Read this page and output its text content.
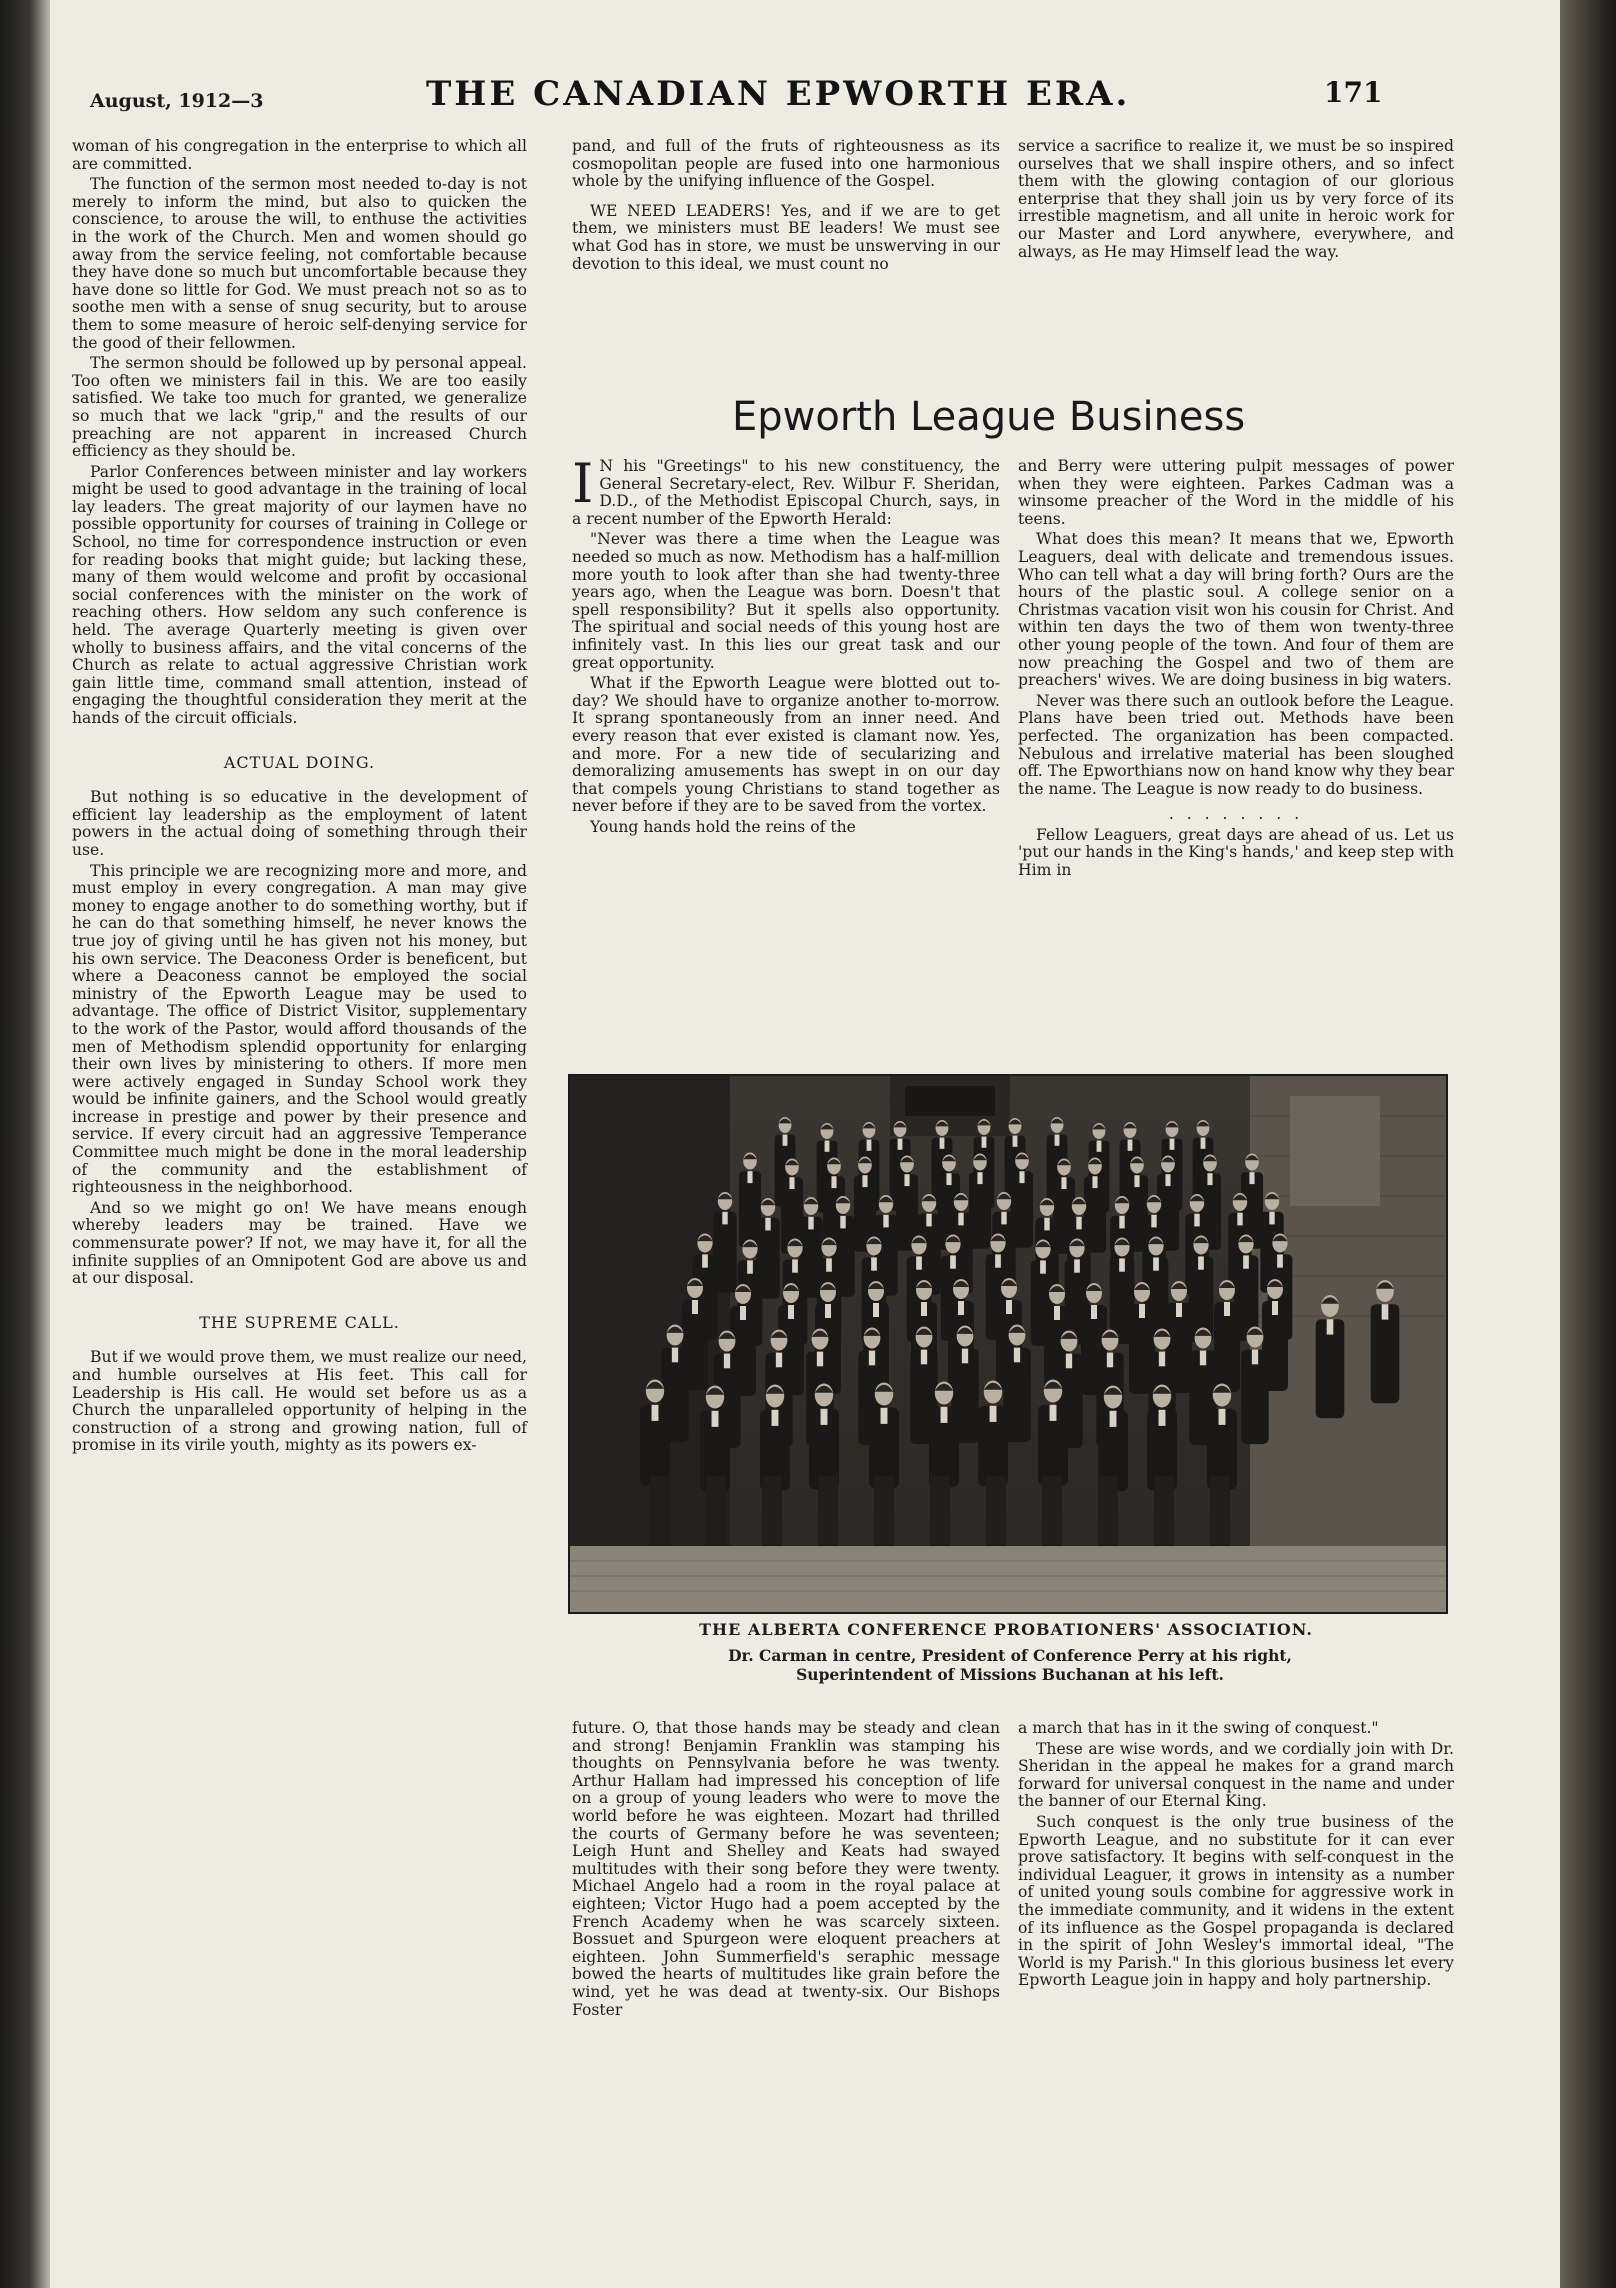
August, 1912—3	THE CANADIAN EPWORTH ERA.	171

woman of his congregation in the enterprise to which all are committed.

The function of the sermon most needed to-day is not merely to inform the mind, but also to quicken the conscience, to arouse the will, to enthuse the activities in the work of the Church. Men and women should go away from the service feeling, not comfortable because they have done so much but uncomfortable because they have done so little for God. We must preach not so as to soothe men with a sense of snug security, but to arouse them to some measure of heroic self-denying service for the good of their fellowmen.

The sermon should be followed up by personal appeal. Too often we ministers fail in this. We are too easily satisfied. We take too much for granted, we generalize so much that we lack "grip," and the results of our preaching are not apparent in increased Church efficiency as they should be.

Parlor Conferences between minister and lay workers might be used to good advantage in the training of local lay leaders. The great majority of our laymen have no possible opportunity for courses of training in College or School, no time for correspondence instruction or even for reading books that might guide; but lacking these, many of them would welcome and profit by occasional social conferences with the minister on the work of reaching others. How seldom any such conference is held. The average Quarterly meeting is given over wholly to business affairs, and the vital concerns of the Church as relate to actual aggressive Christian work gain little time, command small attention, instead of engaging the thoughtful consideration they merit at the hands of the circuit officials.

ACTUAL DOING.

But nothing is so educative in the development of efficient lay leadership as the employment of latent powers in the actual doing of something through their use.

This principle we are recognizing more and more, and must employ in every congregation. A man may give money to engage another to do something worthy, but if he can do that something himself, he never knows the true joy of giving until he has given not his money, but his own service. The Deaconess Order is beneficent, but where a Deaconess cannot be employed the social ministry of the Epworth League may be used to advantage. The office of District Visitor, supplementary to the work of the Pastor, would afford thousands of the men of Methodism splendid opportunity for enlarging their own lives by ministering to others. If more men were actively engaged in Sunday School work they would be infinite gainers, and the School would greatly increase in prestige and power by their presence and service. If every circuit had an aggressive Temperance Committee much might be done in the moral leadership of the community and the establishment of righteousness in the neighborhood.

And so we might go on! We have means enough whereby leaders may be trained. Have we commensurate power? If not, we may have it, for all the infinite supplies of an Omnipotent God are above us and at our disposal.

THE SUPREME CALL.

But if we would prove them, we must realize our need, and humble ourselves at His feet. This call for Leadership is His call. He would set before us as a Church the unparalleled opportunity of helping in the construction of a strong and growing nation, full of promise in its virile youth, mighty as its powers ex-

pand, and full of the fruts of righteousness as its cosmopolitan people are fused into one harmonious whole by the unifying influence of the Gospel.

WE NEED LEADERS! Yes, and if we are to get them, we ministers must BE leaders! We must see what God has in store, we must be unswerving in our devotion to this ideal, we must count no

service a sacrifice to realize it, we must be so inspired ourselves that we shall inspire others, and so infect them with the glowing contagion of our glorious enterprise that they shall join us by very force of its irrestible magnetism, and all unite in heroic work for our Master and Lord anywhere, everywhere, and always, as He may Himself lead the way.

Epworth League Business

I N his "Greetings" to his new constituency, the General Secretary-elect, Rev. Wilbur F. Sheridan, D.D., of the Methodist Episcopal Church, says, in a recent number of the Epworth Herald:

"Never was there a time when the League was needed so much as now. Methodism has a half-million more youth to look after than she had twenty-three years ago, when the League was born. Doesn't that spell responsibility? But it spells also opportunity. The spiritual and social needs of this young host are infinitely vast. In this lies our great task and our great opportunity.

What if the Epworth League were blotted out to-day? We should have to organize another to-morrow. It sprang spontaneously from an inner need. And every reason that ever existed is clamant now. Yes, and more. For a new tide of secularizing and demoralizing amusements has swept in on our day that compels young Christians to stand together as never before if they are to be saved from the vortex.

Young hands hold the reins of the

and Berry were uttering pulpit messages of power when they were eighteen. Parkes Cadman was a winsome preacher of the Word in the middle of his teens.

What does this mean? It means that we, Epworth Leaguers, deal with delicate and tremendous issues. Who can tell what a day will bring forth? Ours are the hours of the plastic soul. A college senior on a Christmas vacation visit won his cousin for Christ. And within ten days the two of them won twenty-three other young people of the town. And four of them are now preaching the Gospel and two of them are preachers' wives. We are doing business in big waters.

Never was there such an outlook before the League. Plans have been tried out. Methods have been perfected. The organization has been compacted. Nebulous and irrelative material has been sloughed off. The Epworthians now on hand know why they bear the name. The League is now ready to do business.

. . . . . . . .

Fellow Leaguers, great days are ahead of us. Let us 'put our hands in the King's hands,' and keep step with Him in

THE ALBERTA CONFERENCE PROBATIONERS' ASSOCIATION.
Dr. Carman in centre, President of Conference Perry at his right, Superintendent of Missions Buchanan at his left.

future. O, that those hands may be steady and clean and strong! Benjamin Franklin was stamping his thoughts on Pennsylvania before he was twenty. Arthur Hallam had impressed his conception of life on a group of young leaders who were to move the world before he was eighteen. Mozart had thrilled the courts of Germany before he was seventeen; Leigh Hunt and Shelley and Keats had swayed multitudes with their song before they were twenty. Michael Angelo had a room in the royal palace at eighteen; Victor Hugo had a poem accepted by the French Academy when he was scarcely sixteen. Bossuet and Spurgeon were eloquent preachers at eighteen. John Summerfield's seraphic message bowed the hearts of multitudes like grain before the wind, yet he was dead at twenty-six. Our Bishops Foster

a march that has in it the swing of conquest."

These are wise words, and we cordially join with Dr. Sheridan in the appeal he makes for a grand march forward for universal conquest in the name and under the banner of our Eternal King.

Such conquest is the only true business of the Epworth League, and no substitute for it can ever prove satisfactory. It begins with self-conquest in the individual Leaguer, it grows in intensity as a number of united young souls combine for aggressive work in the immediate community, and it widens in the extent of its influence as the Gospel propaganda is declared in the spirit of John Wesley's immortal ideal, "The World is my Parish." In this glorious business let every Epworth League join in happy and holy partnership.
